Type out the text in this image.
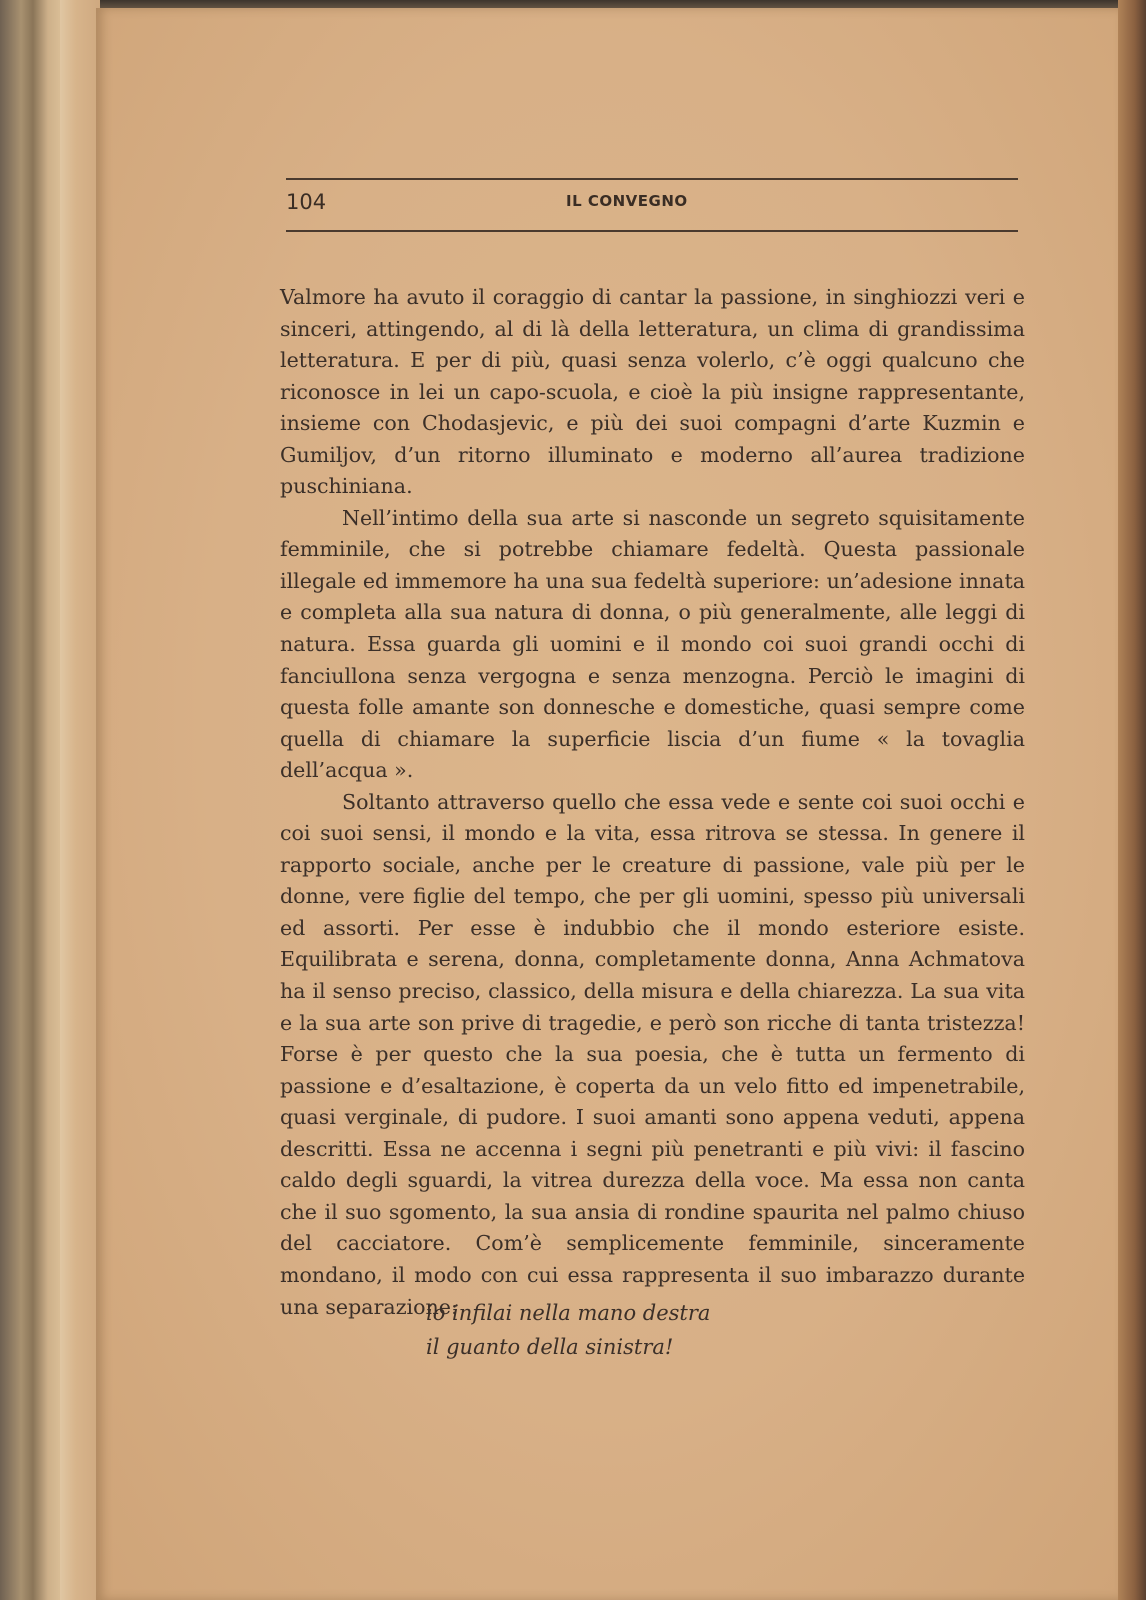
104	IL CONVEGNO

Valmore ha avuto il coraggio di cantar la passione, in singhiozzi veri e sinceri, attingendo, al di là della letteratura, un clima di grandissima letteratura. E per di più, quasi senza volerlo, c’è oggi qualcuno che riconosce in lei un capo-scuola, e cioè la più insigne rappresentante, insieme con Chodasjevic, e più dei suoi compagni d’arte Kuzmin e Gumiljov, d’un ritorno illuminato e moderno all’aurea tradizione puschiniana.

Nell’intimo della sua arte si nasconde un segreto squisitamente femminile, che si potrebbe chiamare fedeltà. Questa passionale illegale ed immemore ha una sua fedeltà superiore: un’adesione innata e completa alla sua natura di donna, o più generalmente, alle leggi di natura. Essa guarda gli uomini e il mondo coi suoi grandi occhi di fanciullona senza vergogna e senza menzogna. Perciò le imagini di questa folle amante son donnesche e domestiche, quasi sempre come quella di chiamare la superficie liscia d’un fiume « la tovaglia dell’acqua ».

Soltanto attraverso quello che essa vede e sente coi suoi occhi e coi suoi sensi, il mondo e la vita, essa ritrova se stessa. In genere il rapporto sociale, anche per le creature di passione, vale più per le donne, vere figlie del tempo, che per gli uomini, spesso più universali ed assorti. Per esse è indubbio che il mondo esteriore esiste. Equilibrata e serena, donna, completamente donna, Anna Achmatova ha il senso preciso, classico, della misura e della chiarezza. La sua vita e la sua arte son prive di tragedie, e però son ricche di tanta tristezza! Forse è per questo che la sua poesia, che è tutta un fermento di passione e d’esaltazione, è coperta da un velo fitto ed impenetrabile, quasi verginale, di pudore. I suoi amanti sono appena veduti, appena descritti. Essa ne accenna i segni più penetranti e più vivi: il fascino caldo degli sguardi, la vitrea durezza della voce. Ma essa non canta che il suo sgomento, la sua ansia di rondine spaurita nel palmo chiuso del cacciatore. Com’è semplicemente femminile, sinceramente mondano, il modo con cui essa rappresenta il suo imbarazzo durante una separazione:

io infilai nella mano destra
il guanto della sinistra!
